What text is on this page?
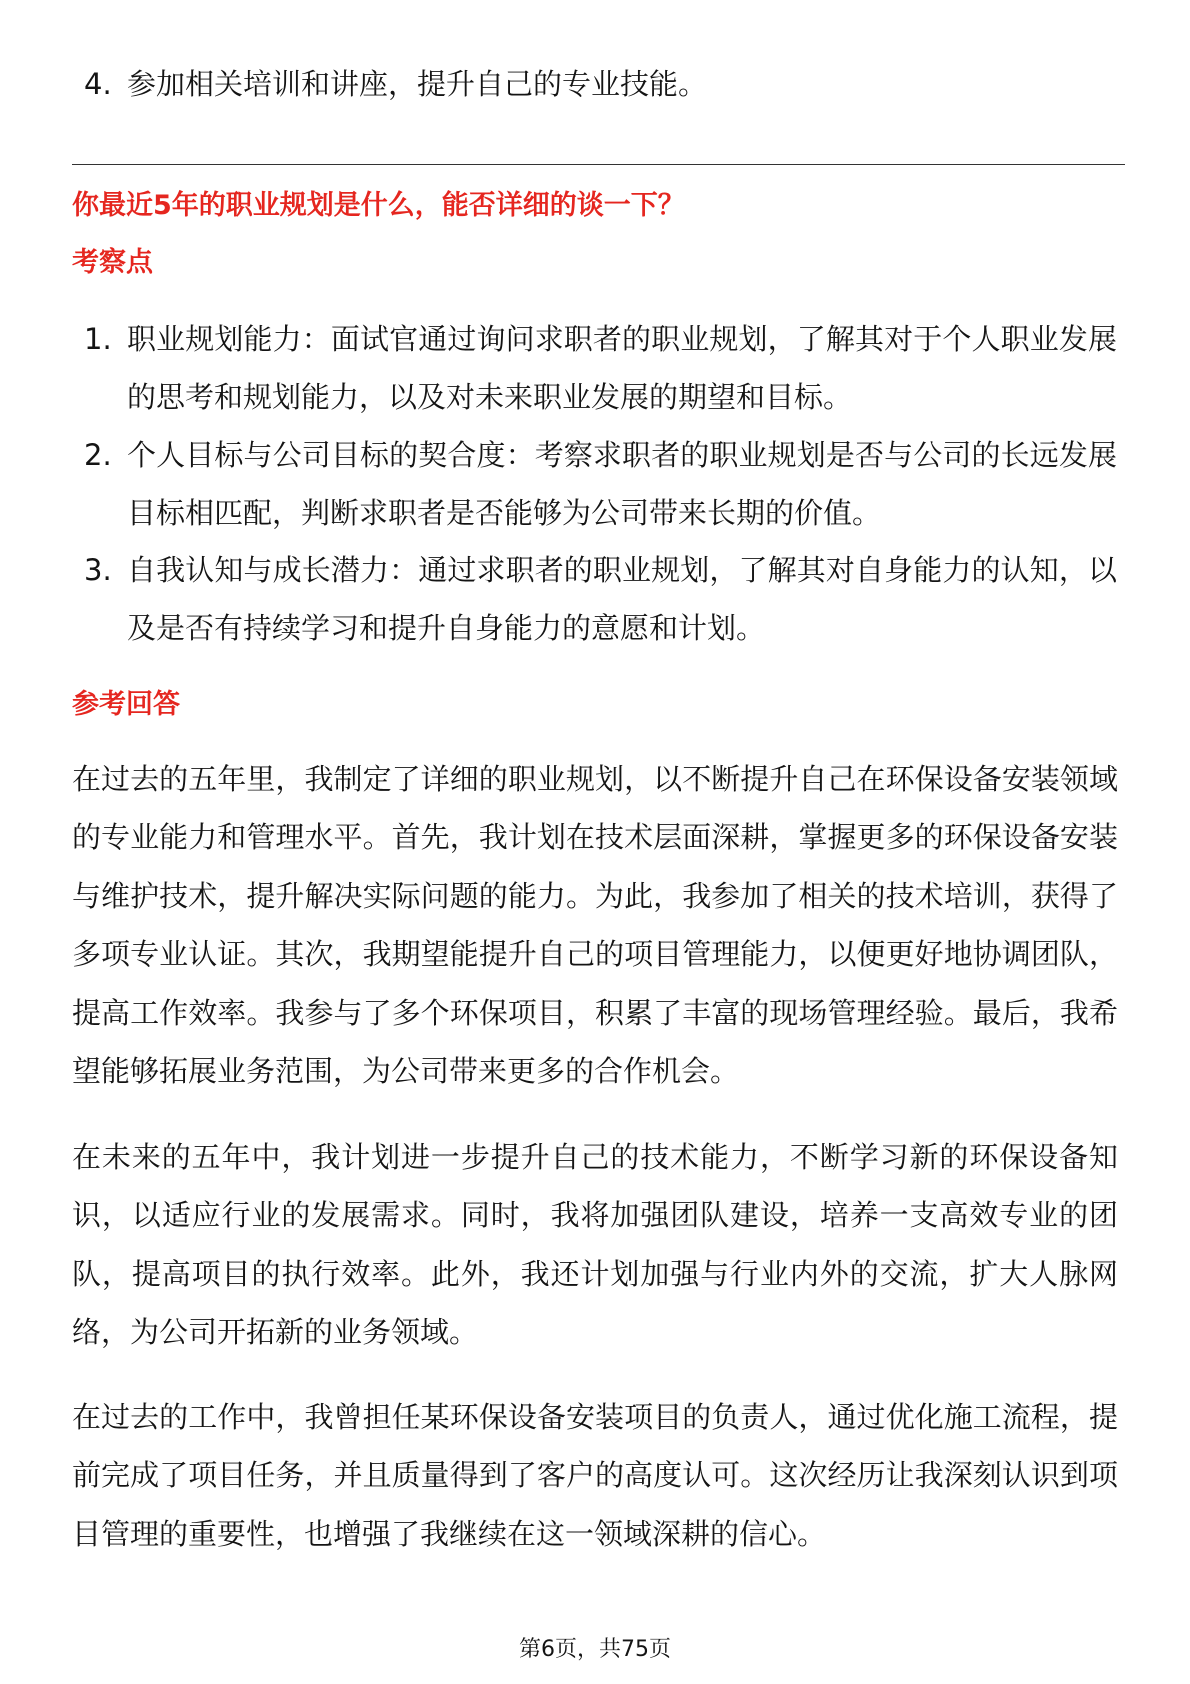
4. 参加相关培训和讲座，提升自己的专业技能。
你最近5年的职业规划是什么，能否详细的谈一下？
考察点
1. 职业规划能力：面试官通过询问求职者的职业规划，了解其对于个人职业发展的思考和规划能力，以及对未来职业发展的期望和目标。
2. 个人目标与公司目标的契合度：考察求职者的职业规划是否与公司的长远发展目标相匹配，判断求职者是否能够为公司带来长期的价值。
3. 自我认知与成长潜力：通过求职者的职业规划，了解其对自身能力的认知，以及是否有持续学习和提升自身能力的意愿和计划。
参考回答

在过去的五年里，我制定了详细的职业规划，以不断提升自己在环保设备安装领域的专业能力和管理水平。首先，我计划在技术层面深耕，掌握更多的环保设备安装与维护技术，提升解决实际问题的能力。为此，我参加了相关的技术培训，获得了多项专业认证。其次，我期望能提升自己的项目管理能力，以便更好地协调团队，提高工作效率。我参与了多个环保项目，积累了丰富的现场管理经验。最后，我希望能够拓展业务范围，为公司带来更多的合作机会。

在未来的五年中，我计划进一步提升自己的技术能力，不断学习新的环保设备知识，以适应行业的发展需求。同时，我将加强团队建设，培养一支高效专业的团队，提高项目的执行效率。此外，我还计划加强与行业内外的交流，扩大人脉网络，为公司开拓新的业务领域。

在过去的工作中，我曾担任某环保设备安装项目的负责人，通过优化施工流程，提前完成了项目任务，并且质量得到了客户的高度认可。这次经历让我深刻认识到项目管理的重要性，也增强了我继续在这一领域深耕的信心。

第6页，共75页
